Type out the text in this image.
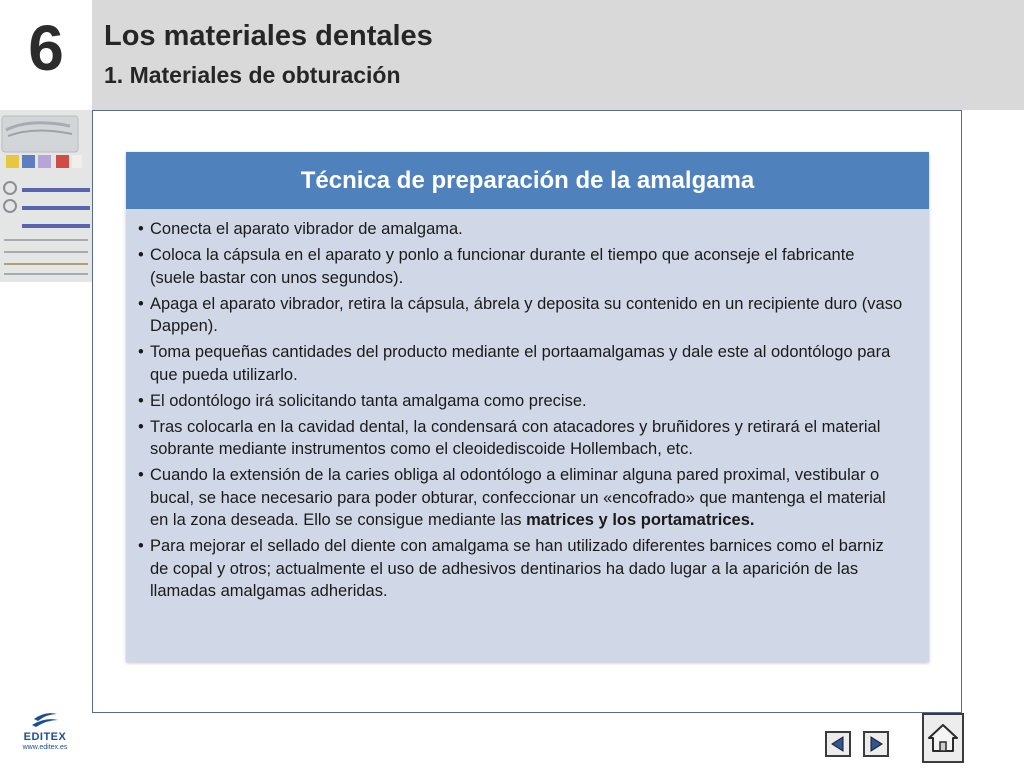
6 Los materiales dentales
1. Materiales de obturación
Técnica de preparación de la amalgama
• Conecta el aparato vibrador de amalgama.
• Coloca la cápsula en el aparato y ponlo a funcionar durante el tiempo que aconseje el fabricante (suele bastar con unos segundos).
• Apaga el aparato vibrador, retira la cápsula, ábrela y deposita su contenido en un recipiente duro (vaso Dappen).
• Toma pequeñas cantidades del producto mediante el portaamalgamas y dale este al odontólogo para que pueda utilizarlo.
• El odontólogo irá solicitando tanta amalgama como precise.
• Tras colocarla en la cavidad dental, la condensará con atacadores y bruñidores y retirará el material sobrante mediante instrumentos como el cleoidediscoide Hollembach, etc.
• Cuando la extensión de la caries obliga al odontólogo a eliminar alguna pared proximal, vestibular o bucal, se hace necesario para poder obturar, confeccionar un «encofrado» que mantenga el material en la zona deseada. Ello se consigue mediante las matrices y los portamatrices.
• Para mejorar el sellado del diente con amalgama se han utilizado diferentes barnices como el barniz de copal y otros; actualmente el uso de adhesivos dentinarios ha dado lugar a la aparición de las llamadas amalgamas adheridas.
EDITEX
www.editex.es
